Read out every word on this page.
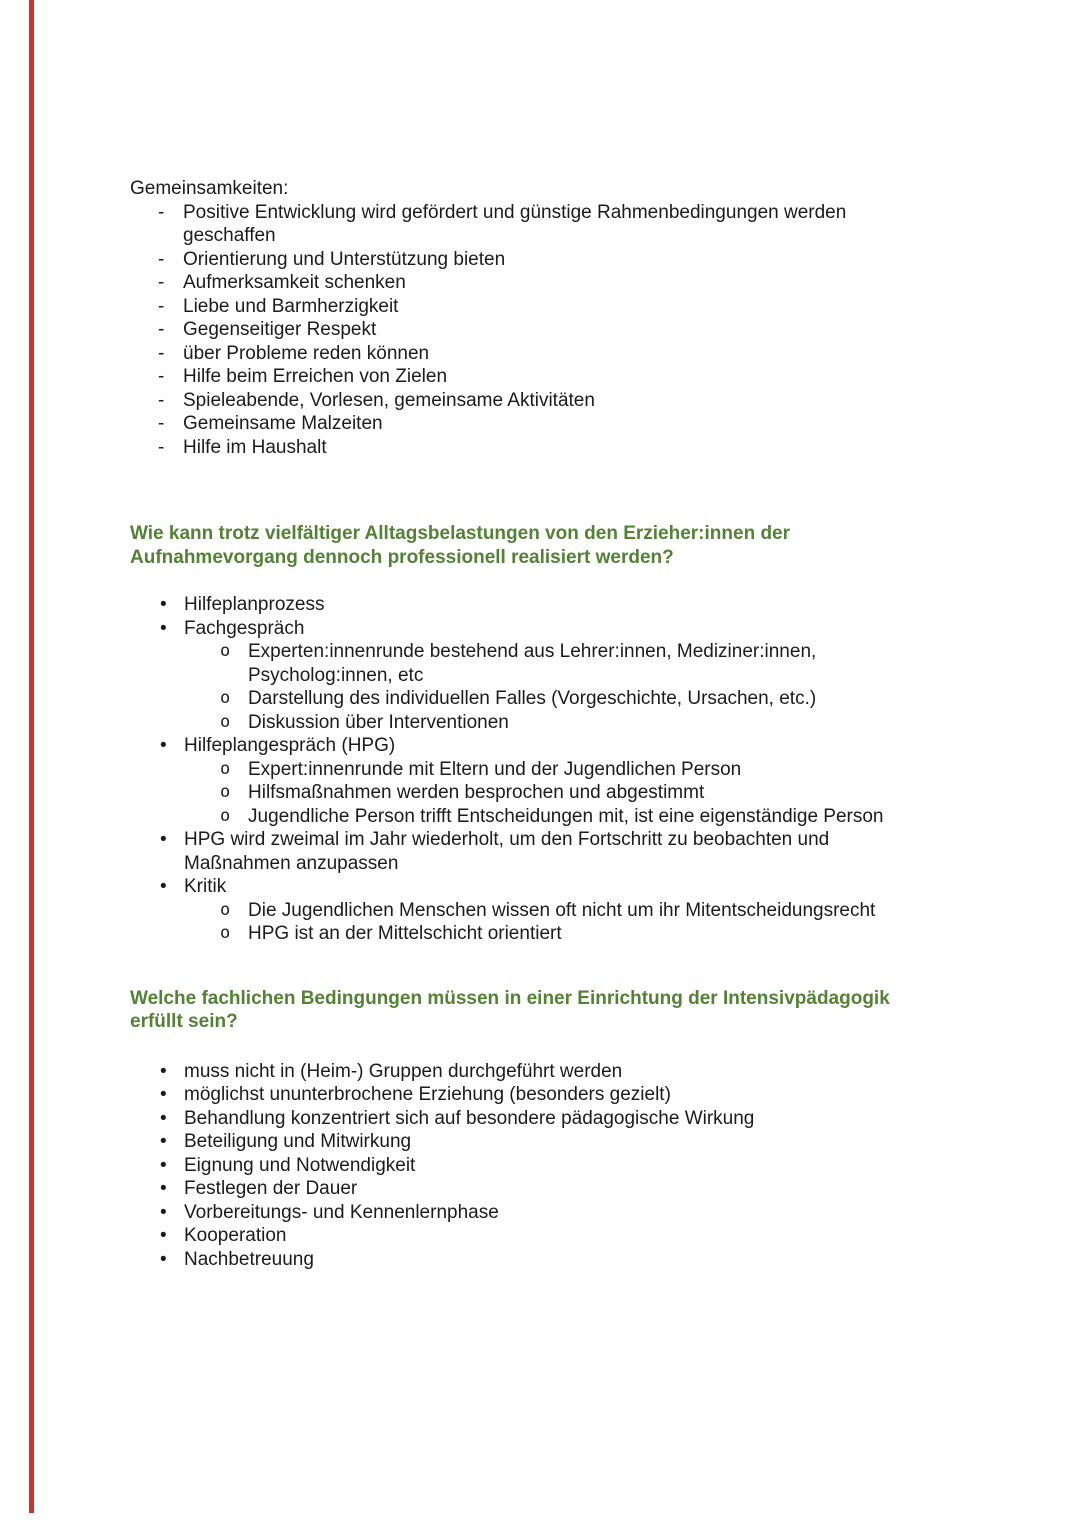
Gemeinsamkeiten:
- Positive Entwicklung wird gefördert und günstige Rahmenbedingungen werden
geschaffen
- Orientierung und Unterstützung bieten
- Aufmerksamkeit schenken
- Liebe und Barmherzigkeit
- Gegenseitiger Respekt
- über Probleme reden können
- Hilfe beim Erreichen von Zielen
- Spieleabende, Vorlesen, gemeinsame Aktivitäten
- Gemeinsame Malzeiten
- Hilfe im Haushalt
Wie kann trotz vielfältiger Alltagsbelastungen von den Erzieher:innen der
Aufnahmevorgang dennoch professionell realisiert werden?
• Hilfeplanprozess
• Fachgespräch
o Experten:innenrunde bestehend aus Lehrer:innen, Mediziner:innen,
Psycholog:innen, etc
o Darstellung des individuellen Falles (Vorgeschichte, Ursachen, etc.)
o Diskussion über Interventionen
• Hilfeplangespräch (HPG)
o Expert:innenrunde mit Eltern und der Jugendlichen Person
o Hilfsmaßnahmen werden besprochen und abgestimmt
o Jugendliche Person trifft Entscheidungen mit, ist eine eigenständige Person
• HPG wird zweimal im Jahr wiederholt, um den Fortschritt zu beobachten und
Maßnahmen anzupassen
• Kritik
o Die Jugendlichen Menschen wissen oft nicht um ihr Mitentscheidungsrecht
o HPG ist an der Mittelschicht orientiert
Welche fachlichen Bedingungen müssen in einer Einrichtung der Intensivpädagogik
erfüllt sein?
• muss nicht in (Heim-) Gruppen durchgeführt werden
• möglichst ununterbrochene Erziehung (besonders gezielt)
• Behandlung konzentriert sich auf besondere pädagogische Wirkung
• Beteiligung und Mitwirkung
• Eignung und Notwendigkeit
• Festlegen der Dauer
• Vorbereitungs- und Kennenlernphase
• Kooperation
• Nachbetreuung
